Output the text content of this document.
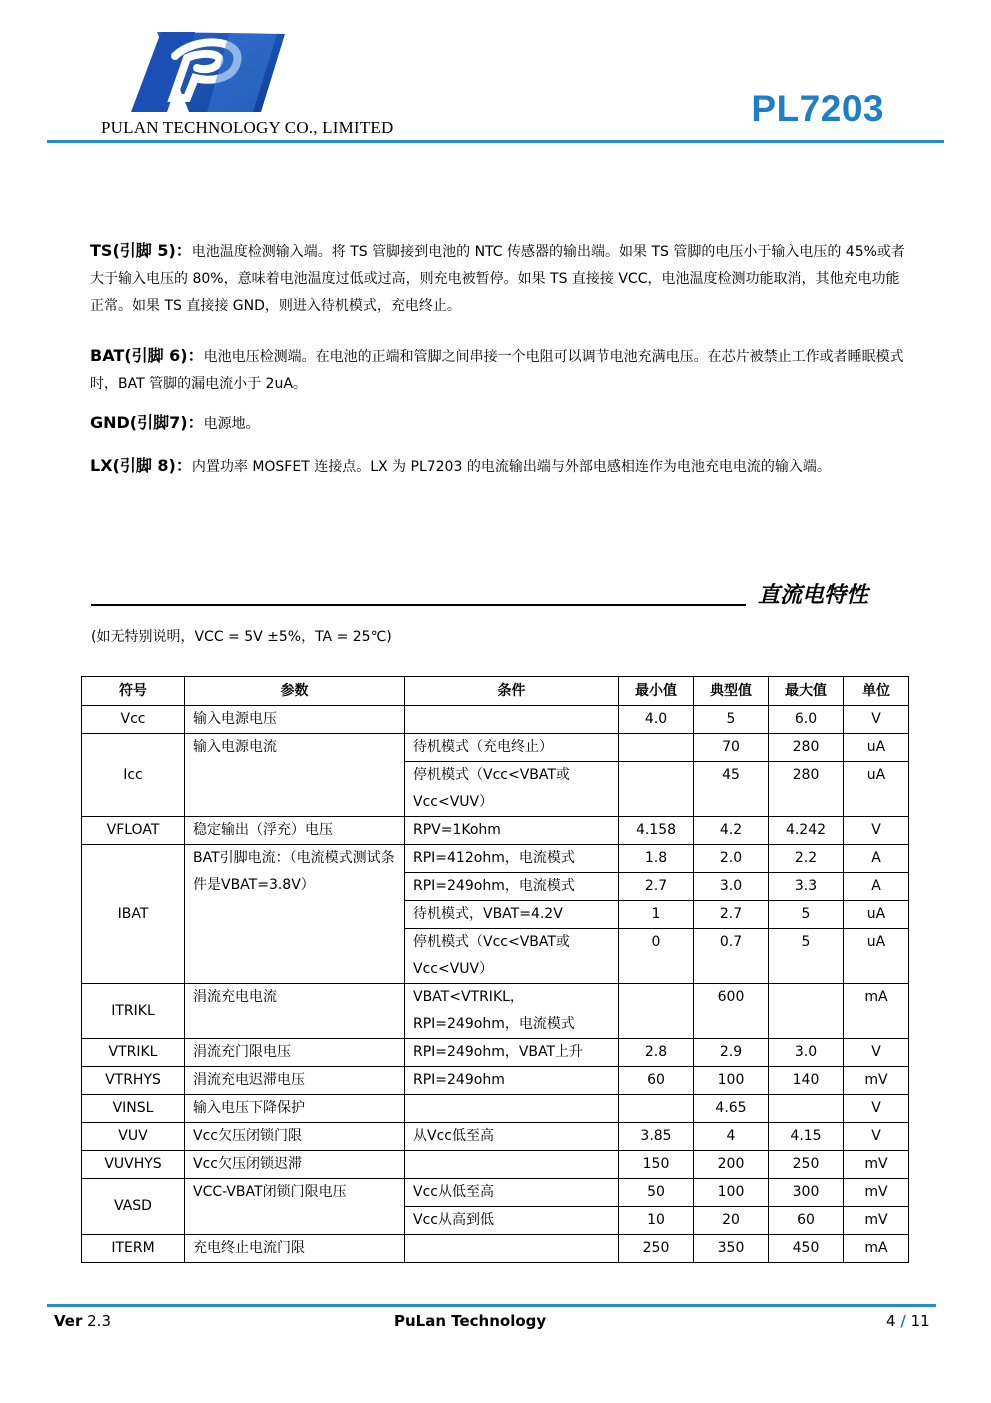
PULAN TECHNOLOGY CO., LIMITED	PL7203
TS(引脚 5)：电池温度检测输入端。将 TS 管脚接到电池的 NTC 传感器的输出端。如果 TS 管脚的电压小于输入电压的 45%或者大于输入电压的 80%，意味着电池温度过低或过高，则充电被暂停。如果 TS 直接接 VCC，电池温度检测功能取消，其他充电功能正常。如果 TS 直接接 GND，则进入待机模式，充电终止。
BAT(引脚 6)：电池电压检测端。在电池的正端和管脚之间串接一个电阻可以调节电池充满电压。在芯片被禁止工作或者睡眠模式时，BAT 管脚的漏电流小于 2uA。
GND(引脚7)：电源地。
LX(引脚 8)：内置功率 MOSFET 连接点。LX 为 PL7203 的电流输出端与外部电感相连作为电池充电电流的输入端。
直流电特性
(如无特别说明，VCC = 5V ±5%，TA = 25℃)
符号	参数	条件	最小值	典型值	最大值	单位
Vcc	输入电源电压		4.0	5	6.0	V
Icc	输入电源电流	待机模式（充电终止）		70	280	uA
		停机模式（Vcc<VBAT或Vcc<VUV）		45	280	uA
VFLOAT	稳定输出（浮充）电压	RPV=1Kohm	4.158	4.2	4.242	V
IBAT	BAT引脚电流：（电流模式测试条件是VBAT=3.8V）	RPI=412ohm，电流模式	1.8	2.0	2.2	A
		RPI=249ohm，电流模式	2.7	3.0	3.3	A
		待机模式，VBAT=4.2V	1	2.7	5	uA
		停机模式（Vcc<VBAT或Vcc<VUV）	0	0.7	5	uA
ITRIKL	涓流充电电流	VBAT<VTRIKL，RPI=249ohm，电流模式		600		mA
VTRIKL	涓流充门限电压	RPI=249ohm，VBAT上升	2.8	2.9	3.0	V
VTRHYS	涓流充电迟滞电压	RPI=249ohm	60	100	140	mV
VINSL	输入电压下降保护			4.65		V
VUV	Vcc欠压闭锁门限	从Vcc低至高	3.85	4	4.15	V
VUVHYS	Vcc欠压闭锁迟滞		150	200	250	mV
VASD	VCC-VBAT闭锁门限电压	Vcc从低至高	50	100	300	mV
		Vcc从高到低	10	20	60	mV
ITERM	充电终止电流门限		250	350	450	mA
Ver 2.3	PuLan Technology	4 / 11
